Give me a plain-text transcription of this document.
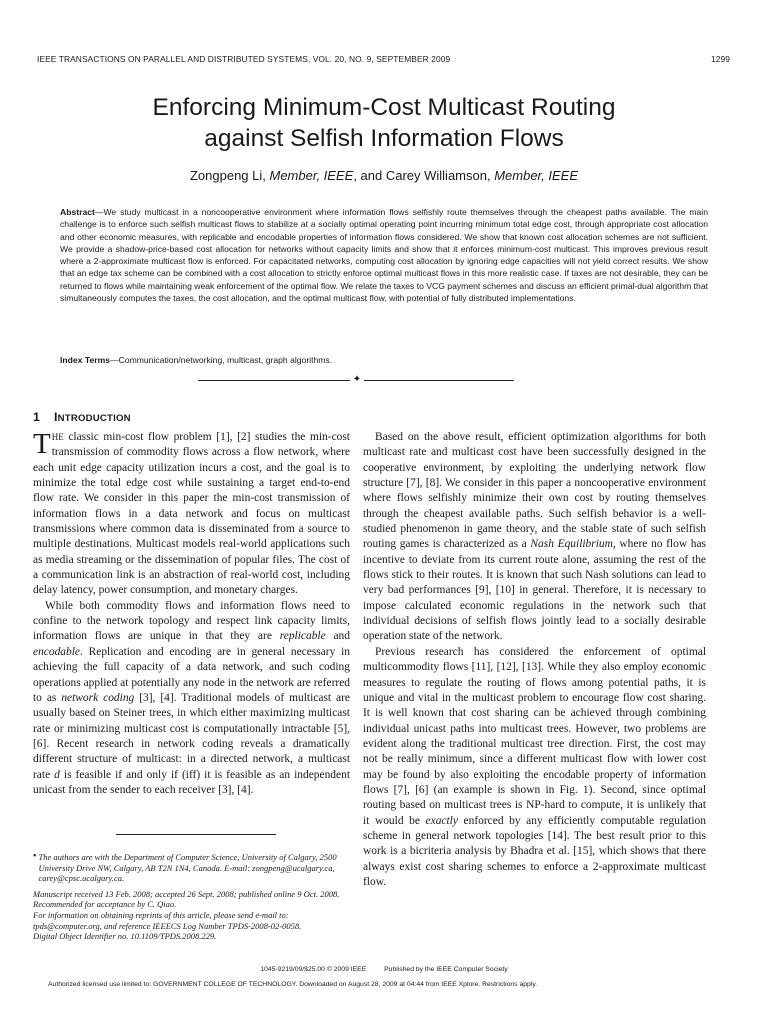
IEEE TRANSACTIONS ON PARALLEL AND DISTRIBUTED SYSTEMS, VOL. 20, NO. 9, SEPTEMBER 2009	1299
Enforcing Minimum-Cost Multicast Routing
against Selfish Information Flows
Zongpeng Li, Member, IEEE, and Carey Williamson, Member, IEEE
Abstract—We study multicast in a noncooperative environment where information flows selfishly route themselves through the cheapest paths available. The main challenge is to enforce such selfish multicast flows to stabilize at a socially optimal operating point incurring minimum total edge cost, through appropriate cost allocation and other economic measures, with replicable and encodable properties of information flows considered. We show that known cost allocation schemes are not sufficient. We provide a shadow-price-based cost allocation for networks without capacity limits and show that it enforces minimum-cost multicast. This improves previous result where a 2-approximate multicast flow is enforced. For capacitated networks, computing cost allocation by ignoring edge capacities will not yield correct results. We show that an edge tax scheme can be combined with a cost allocation to strictly enforce optimal multicast flows in this more realistic case. If taxes are not desirable, they can be returned to flows while maintaining weak enforcement of the optimal flow. We relate the taxes to VCG payment schemes and discuss an efficient primal-dual algorithm that simultaneously computes the taxes, the cost allocation, and the optimal multicast flow, with potential of fully distributed implementations.
Index Terms—Communication/networking, multicast, graph algorithms.
✦
1 INTRODUCTION

THE classic min-cost flow problem [1], [2] studies the min-cost transmission of commodity flows across a flow network, where each unit edge capacity utilization incurs a cost, and the goal is to minimize the total edge cost while sustaining a target end-to-end flow rate. We consider in this paper the min-cost transmission of information flows in a data network and focus on multicast transmissions where common data is disseminated from a source to multiple destinations. Multicast models real-world applications such as media streaming or the dissemination of popular files. The cost of a communication link is an abstraction of real-world cost, including delay latency, power consumption, and monetary charges.

While both commodity flows and information flows need to confine to the network topology and respect link capacity limits, information flows are unique in that they are replicable and encodable. Replication and encoding are in general necessary in achieving the full capacity of a data network, and such coding operations applied at potentially any node in the network are referred to as network coding [3], [4]. Traditional models of multicast are usually based on Steiner trees, in which either maximizing multicast rate or minimizing multicast cost is computationally intractable [5], [6]. Recent research in network coding reveals a dramatically different structure of multicast: in a directed network, a multicast rate d is feasible if and only if (iff) it is feasible as an independent unicast from the sender to each receiver [3], [4].

• The authors are with the Department of Computer Science, University of Calgary, 2500 University Drive NW, Calgary, AB T2N 1N4, Canada. E-mail: zongpeng@ucalgary.ca, carey@cpsc.ucalgary.ca.

Manuscript received 13 Feb. 2008; accepted 26 Sept. 2008; published online 9 Oct. 2008.

Recommended for acceptance by C. Qiao.

For information on obtaining reprints of this article, please send e-mail to: tpds@computer.org, and reference IEEECS Log Number TPDS-2008-02-0058.

Digital Object Identifier no. 10.1109/TPDS.2008.229.

Based on the above result, efficient optimization algorithms for both multicast rate and multicast cost have been successfully designed in the cooperative environment, by exploiting the underlying network flow structure [7], [8]. We consider in this paper a noncooperative environment where flows selfishly minimize their own cost by routing themselves through the cheapest available paths. Such selfish behavior is a well-studied phenomenon in game theory, and the stable state of such selfish routing games is characterized as a Nash Equilibrium, where no flow has incentive to deviate from its current route alone, assuming the rest of the flows stick to their routes. It is known that such Nash solutions can lead to very bad performances [9], [10] in general. Therefore, it is necessary to impose calculated economic regulations in the network such that individual decisions of selfish flows jointly lead to a socially desirable operation state of the network.

Previous research has considered the enforcement of optimal multicommodity flows [11], [12], [13]. While they also employ economic measures to regulate the routing of flows among potential paths, it is unique and vital in the multicast problem to encourage flow cost sharing. It is well known that cost sharing can be achieved through combining individual unicast paths into multicast trees. However, two problems are evident along the traditional multicast tree direction. First, the cost may not be really minimum, since a different multicast flow with lower cost may be found by also exploiting the encodable property of information flows [7], [6] (an example is shown in Fig. 1). Second, since optimal routing based on multicast trees is NP-hard to compute, it is unlikely that it would be exactly enforced by any efficiently computable regulation scheme in general network topologies [14]. The best result prior to this work is a bicriteria analysis by Bhadra et al. [15], which shows that there always exist cost sharing schemes to enforce a 2-approximate multicast flow.

1045-9219/09/$25.00 © 2009 IEEE	Published by the IEEE Computer Society
Authorized licensed use limited to: GOVERNMENT COLLEGE OF TECHNOLOGY. Downloaded on August 28, 2009 at 04:44 from IEEE Xplore. Restrictions apply.
